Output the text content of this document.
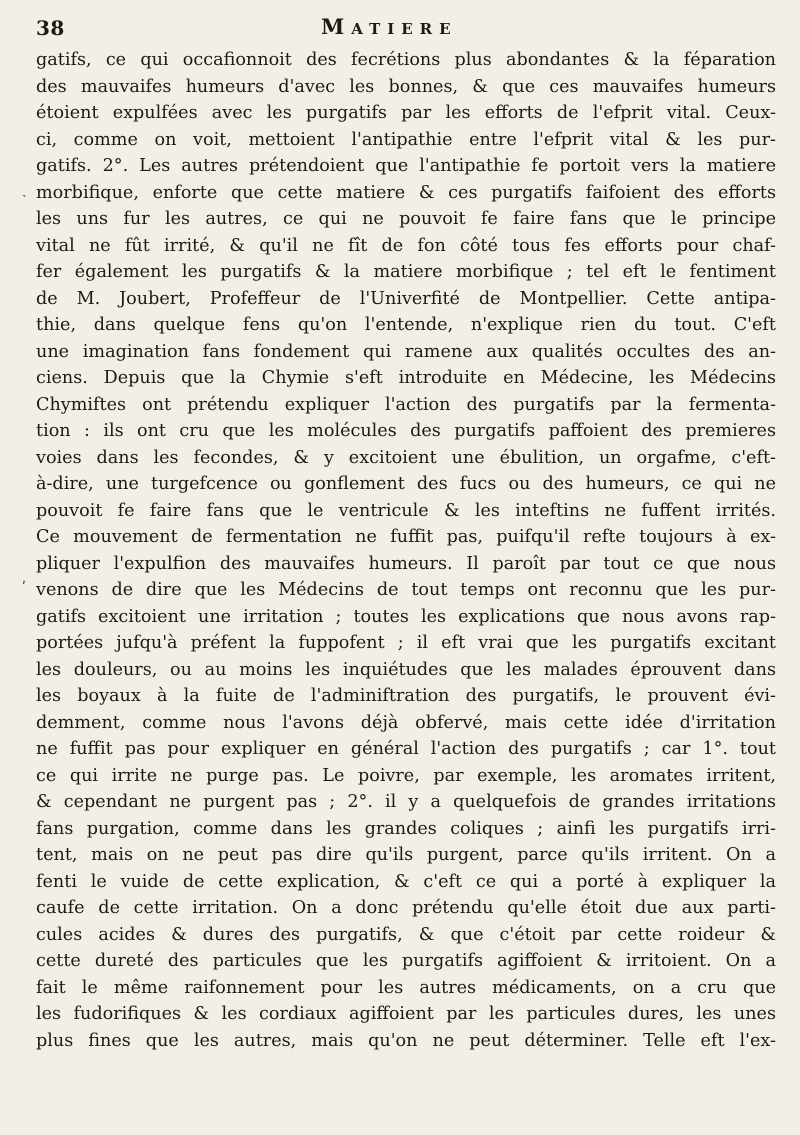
38	Matiere
ˏ
ʹ
gatifs, ce qui occafionnoit des fecrétions plus abondantes & la féparation
des mauvaifes humeurs d'avec les bonnes, & que ces mauvaifes humeurs
étoient expulfées avec les purgatifs par les efforts de l'efprit vital. Ceux-
ci, comme on voit, mettoient l'antipathie entre l'efprit vital & les pur-
gatifs. 2°. Les autres prétendoient que l'antipathie fe portoit vers la matiere
morbifique, enforte que cette matiere & ces purgatifs faifoient des efforts
les uns fur les autres, ce qui ne pouvoit fe faire fans que le principe
vital ne fût irrité, & qu'il ne fît de fon côté tous fes efforts pour chaf-
fer également les purgatifs & la matiere morbifique ; tel eft le fentiment
de M. Joubert, Profeffeur de l'Univerfité de Montpellier. Cette antipa-
thie, dans quelque fens qu'on l'entende, n'explique rien du tout. C'eft
une imagination fans fondement qui ramene aux qualités occultes des an-
ciens. Depuis que la Chymie s'eft introduite en Médecine, les Médecins
Chymiftes ont prétendu expliquer l'action des purgatifs par la fermenta-
tion : ils ont cru que les molécules des purgatifs paffoient des premieres
voies dans les fecondes, & y excitoient une ébulition, un orgafme, c'eft-
à-dire, une turgefcence ou gonflement des fucs ou des humeurs, ce qui ne
pouvoit fe faire fans que le ventricule & les inteftins ne fuffent irrités.
Ce mouvement de fermentation ne fuffit pas, puifqu'il refte toujours à ex-
pliquer l'expulfion des mauvaifes humeurs. Il paroît par tout ce que nous
venons de dire que les Médecins de tout temps ont reconnu que les pur-
gatifs excitoient une irritation ; toutes les explications que nous avons rap-
portées jufqu'à préfent la fuppofent ; il eft vrai que les purgatifs excitant
les douleurs, ou au moins les inquiétudes que les malades éprouvent dans
les boyaux à la fuite de l'adminiftration des purgatifs, le prouvent évi-
demment, comme nous l'avons déjà obfervé, mais cette idée d'irritation
ne fuffit pas pour expliquer en général l'action des purgatifs ; car 1°. tout
ce qui irrite ne purge pas. Le poivre, par exemple, les aromates irritent,
& cependant ne purgent pas ; 2°. il y a quelquefois de grandes irritations
fans purgation, comme dans les grandes coliques ; ainfi les purgatifs irri-
tent, mais on ne peut pas dire qu'ils purgent, parce qu'ils irritent. On a
fenti le vuide de cette explication, & c'eft ce qui a porté à expliquer la
caufe de cette irritation. On a donc prétendu qu'elle étoit due aux parti-
cules acides & dures des purgatifs, & que c'étoit par cette roideur &
cette dureté des particules que les purgatifs agiffoient & irritoient. On a
fait le même raifonnement pour les autres médicaments, on a cru que
les fudorifiques & les cordiaux agiffoient par les particules dures, les unes
plus fines que les autres, mais qu'on ne peut déterminer. Telle eft l'ex-
